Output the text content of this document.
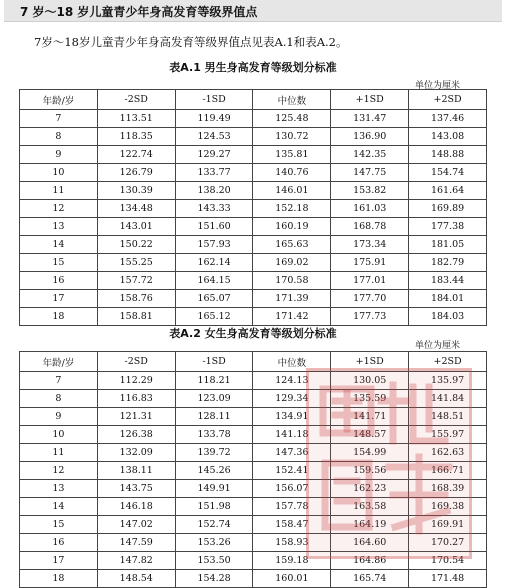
7 岁～18 岁儿童青少年身高发育等级界值点
7岁～18岁儿童青少年身高发育等级界值点见表A.1和表A.2。
表A.1 男生身高发育等级划分标准
单位为厘米
年龄/岁	-2SD	-1SD	中位数	+1SD	+2SD
7	113.51	119.49	125.48	131.47	137.46
8	118.35	124.53	130.72	136.90	143.08
9	122.74	129.27	135.81	142.35	148.88
10	126.79	133.77	140.76	147.75	154.74
11	130.39	138.20	146.01	153.82	161.64
12	134.48	143.33	152.18	161.03	169.89
13	143.01	151.60	160.19	168.78	177.38
14	150.22	157.93	165.63	173.34	181.05
15	155.25	162.14	169.02	175.91	182.79
16	157.72	164.15	170.58	177.01	183.44
17	158.76	165.07	171.39	177.70	184.01
18	158.81	165.12	171.42	177.73	184.03
表A.2 女生身高发育等级划分标准
单位为厘米
年龄/岁	-2SD	-1SD	中位数	+1SD	+2SD
7	112.29	118.21	124.13	130.05	135.97
8	116.83	123.09	129.34	135.59	141.84
9	121.31	128.11	134.91	141.71	148.51
10	126.38	133.78	141.18	148.57	155.97
11	132.09	139.72	147.36	154.99	162.63
12	138.11	145.26	152.41	159.56	166.71
13	143.75	149.91	156.07	162.23	168.39
14	146.18	151.98	157.78	163.58	169.38
15	147.02	152.74	158.47	164.19	169.91
16	147.59	153.26	158.93	164.60	170.27
17	147.82	153.50	159.18	164.86	170.54
18	148.54	154.28	160.01	165.74	171.48
